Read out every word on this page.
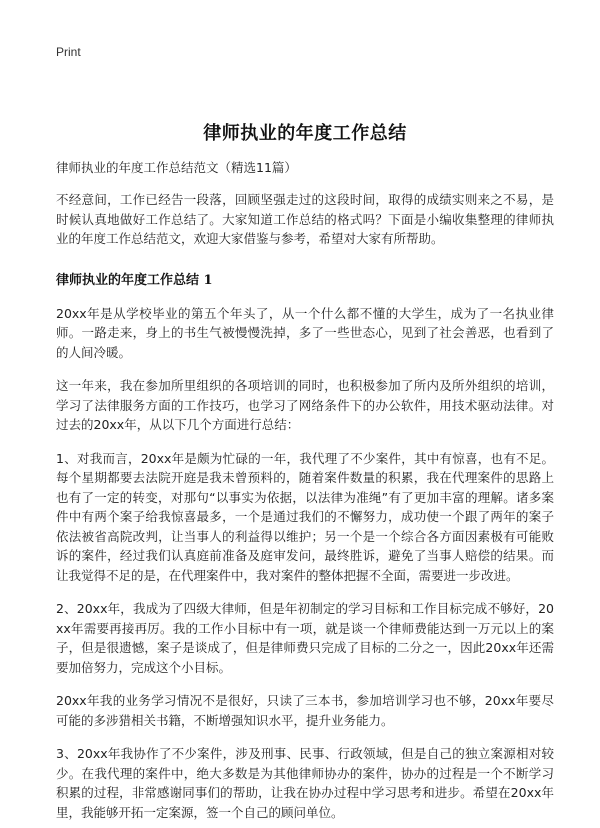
Print
律师执业的年度工作总结
律师执业的年度工作总结范文（精选11篇）

不经意间，工作已经告一段落，回顾坚强走过的这段时间，取得的成绩实则来之不易，是时候认真地做好工作总结了。大家知道工作总结的格式吗？下面是小编收集整理的律师执业的年度工作总结范文，欢迎大家借鉴与参考，希望对大家有所帮助。

律师执业的年度工作总结 1

20xx年是从学校毕业的第五个年头了，从一个什么都不懂的大学生，成为了一名执业律师。一路走来，身上的书生气被慢慢洗掉，多了一些世态心，见到了社会善恶，也看到了的人间冷暖。

这一年来，我在参加所里组织的各项培训的同时，也积极参加了所内及所外组织的培训，学习了法律服务方面的工作技巧，也学习了网络条件下的办公软件，用技术驱动法律。对过去的20xx年，从以下几个方面进行总结：

1、对我而言，20xx年是颇为忙碌的一年，我代理了不少案件，其中有惊喜，也有不足。每个星期都要去法院开庭是我未曾预料的，随着案件数量的积累，我在代理案件的思路上也有了一定的转变，对那句“以事实为依据，以法律为准绳”有了更加丰富的理解。诸多案件中有两个案子给我惊喜最多，一个是通过我们的不懈努力，成功使一个跟了两年的案子依法被省高院改判，让当事人的利益得以维护；另一个是一个综合各方面因素极有可能败诉的案件，经过我们认真庭前准备及庭审发问，最终胜诉，避免了当事人赔偿的结果。而让我觉得不足的是，在代理案件中，我对案件的整体把握不全面，需要进一步改进。

2、20xx年，我成为了四级大律师，但是年初制定的学习目标和工作目标完成不够好，20xx年需要再接再厉。我的工作小目标中有一项，就是谈一个律师费能达到一万元以上的案子，但是很遗憾，案子是谈成了，但是律师费只完成了目标的二分之一，因此20xx年还需要加倍努力，完成这个小目标。

20xx年我的业务学习情况不是很好，只读了三本书，参加培训学习也不够，20xx年要尽可能的多涉猎相关书籍，不断增强知识水平，提升业务能力。

3、20xx年我协作了不少案件，涉及刑事、民事、行政领域，但是自己的独立案源相对较少。在我代理的案件中，绝大多数是为其他律师协办的案件，协办的过程是一个不断学习积累的过程，非常感谢同事们的帮助，让我在协办过程中学习思考和进步。希望在20xx年里，我能够开拓一定案源，签一个自己的顾问单位。
